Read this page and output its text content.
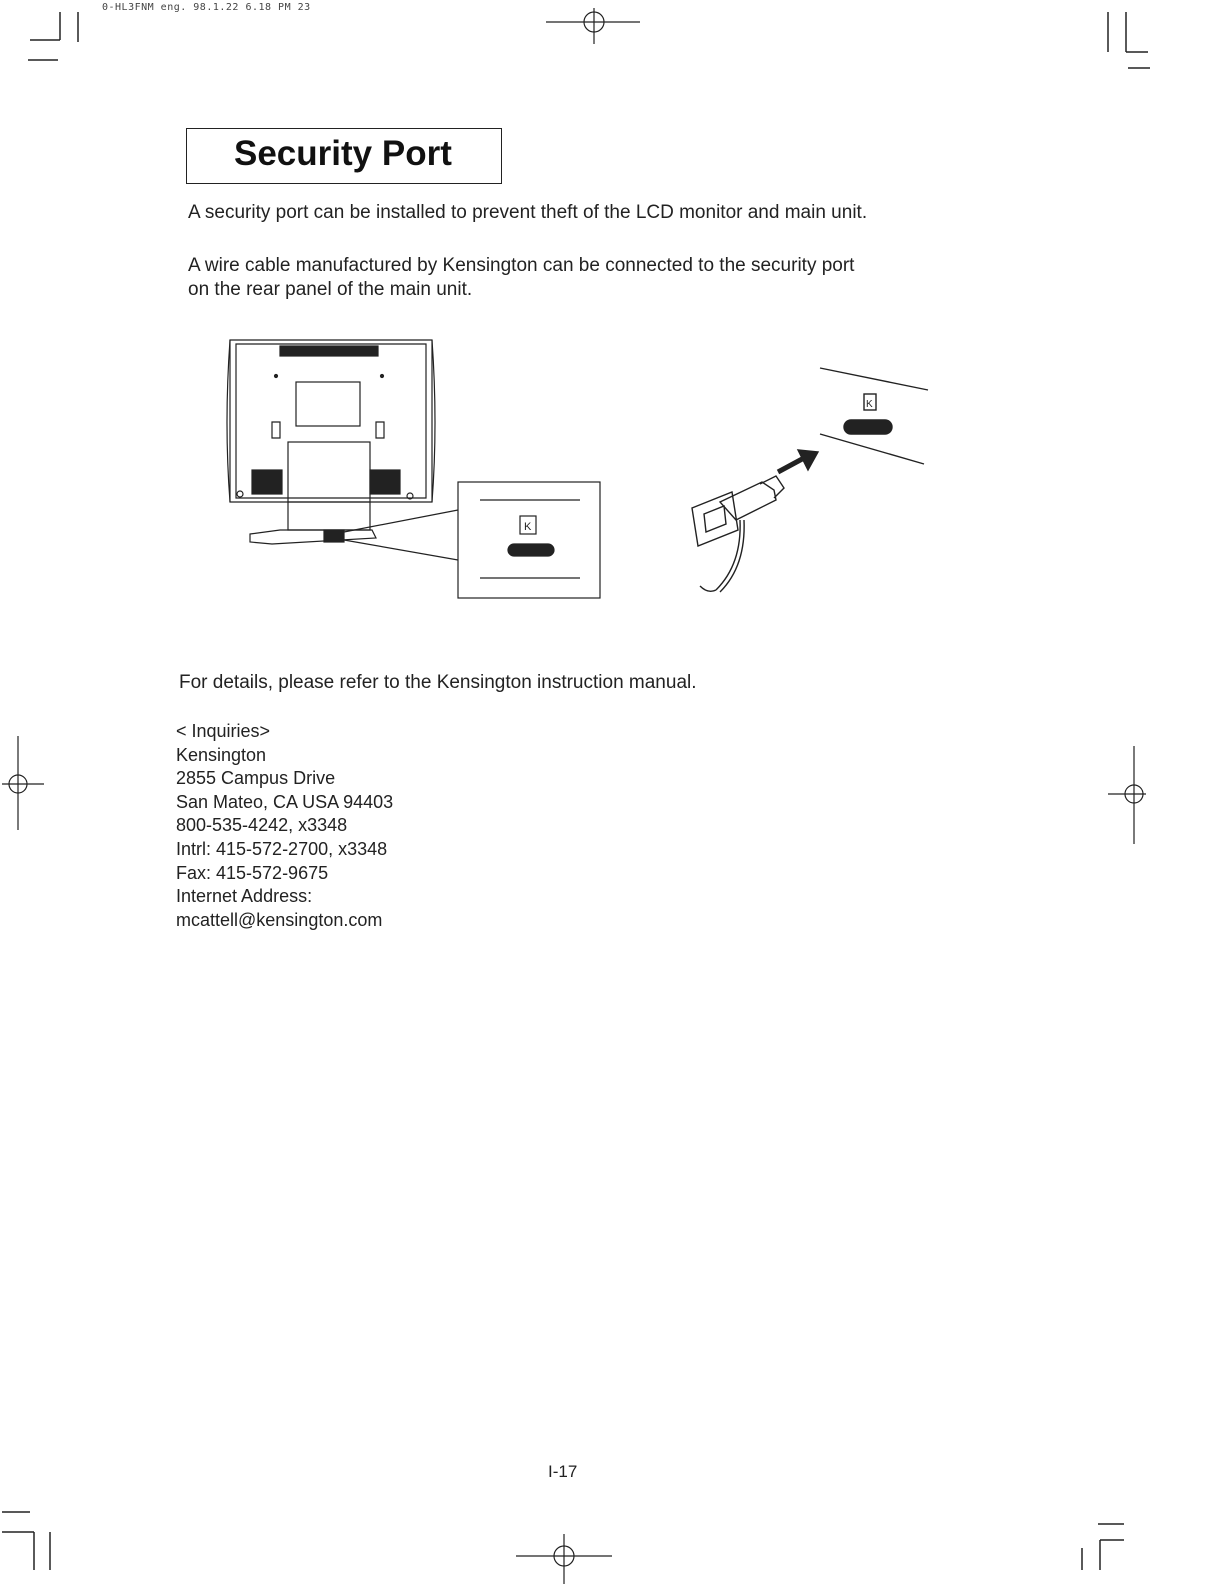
0-HL3FNM eng. 98.1.22 6.18 PM 23
Security Port
A security port can be installed to prevent theft of the LCD monitor and main unit.
A wire cable manufactured by Kensington can be connected to the security port
on the rear panel of the main unit.
K
K
For details, please refer to the Kensington instruction manual.
< Inquiries>
Kensington
2855 Campus Drive
San Mateo, CA USA 94403
800-535-4242, x3348
Intrl: 415-572-2700, x3348
Fax: 415-572-9675
Internet Address:
mcattell@kensington.com
I-17
